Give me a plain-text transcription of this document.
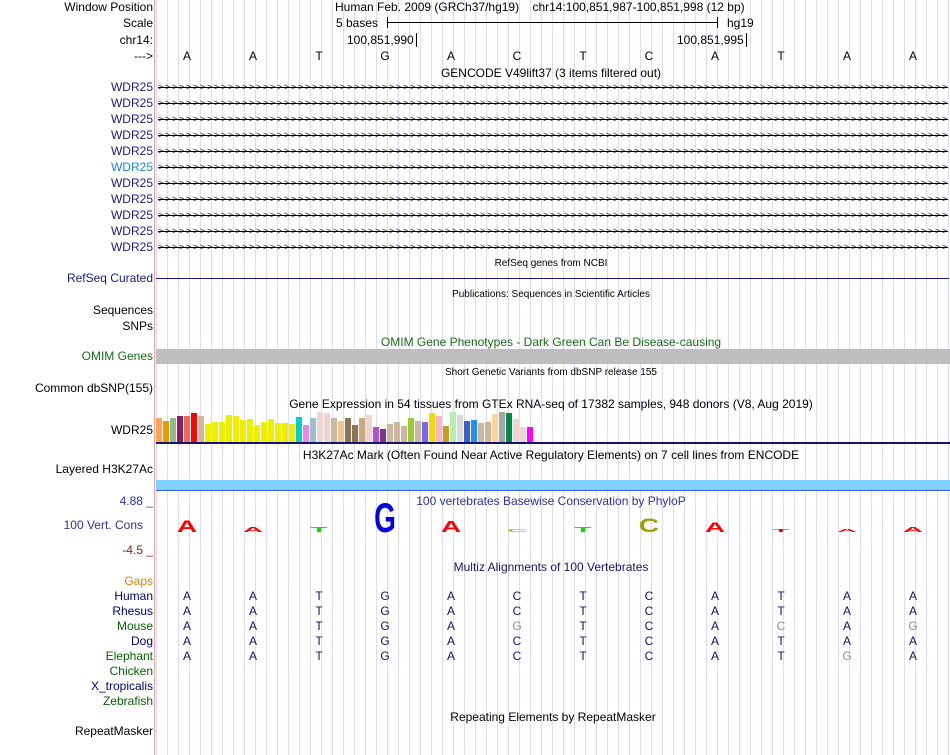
Window Position
Scale
chr14:
--->
Human Feb. 2009 (GRCh37/hg19) chr14:100,851,987-100,851,998 (12 bp)
5 bases	hg19
100,851,990	100,851,995
GENCODE V49lift37 (3 items filtered out)
RefSeq genes from NCBI
RefSeq Curated
Publications: Sequences in Scientific Articles
Sequences
SNPs
OMIM Gene Phenotypes - Dark Green Can Be Disease-causing
OMIM Genes
Short Genetic Variants from dbSNP release 155
Common dbSNP(155)
Gene Expression in 54 tissues from GTEx RNA-seq of 17382 samples, 948 donors (V8, Aug 2019)
WDR25
H3K27Ac Mark (Often Found Near Active Regulatory Elements) on 7 cell lines from ENCODE
Layered H3K27Ac
100 vertebrates Basewise Conservation by PhyloP
4.88 _
100 Vert. Cons
-4.5 _
A A T G A C T C A T A A
Multiz Alignments of 100 Vertebrates
Gaps
Repeating Elements by RepeatMasker
RepeatMasker
A	A	T	G	A	C	T	C	A	T	A	A
WDR25 > > > > > > > > > > > > > > > > > > > > > > > > > > > > > > > > > > > > > > > > > > > > > > > > > > > > > > > > > > > > > > > > > > > > > > > > > > > > > > > > > > > > > > > > > > > > > > > > > > > > > > > > > > > > > > > > >
WDR25 > > > > > > > > > > > > > > > > > > > > > > > > > > > > > > > > > > > > > > > > > > > > > > > > > > > > > > > > > > > > > > > > > > > > > > > > > > > > > > > > > > > > > > > > > > > > > > > > > > > > > > > > > > > > > > > > >
WDR25 > > > > > > > > > > > > > > > > > > > > > > > > > > > > > > > > > > > > > > > > > > > > > > > > > > > > > > > > > > > > > > > > > > > > > > > > > > > > > > > > > > > > > > > > > > > > > > > > > > > > > > > > > > > > > > > > >
WDR25 > > > > > > > > > > > > > > > > > > > > > > > > > > > > > > > > > > > > > > > > > > > > > > > > > > > > > > > > > > > > > > > > > > > > > > > > > > > > > > > > > > > > > > > > > > > > > > > > > > > > > > > > > > > > > > > > >
WDR25 > > > > > > > > > > > > > > > > > > > > > > > > > > > > > > > > > > > > > > > > > > > > > > > > > > > > > > > > > > > > > > > > > > > > > > > > > > > > > > > > > > > > > > > > > > > > > > > > > > > > > > > > > > > > > > > > >
WDR25 > > > > > > > > > > > > > > > > > > > > > > > > > > > > > > > > > > > > > > > > > > > > > > > > > > > > > > > > > > > > > > > > > > > > > > > > > > > > > > > > > > > > > > > > > > > > > > > > > > > > > > > > > > > > > > > > >
WDR25 > > > > > > > > > > > > > > > > > > > > > > > > > > > > > > > > > > > > > > > > > > > > > > > > > > > > > > > > > > > > > > > > > > > > > > > > > > > > > > > > > > > > > > > > > > > > > > > > > > > > > > > > > > > > > > > > >
WDR25 > > > > > > > > > > > > > > > > > > > > > > > > > > > > > > > > > > > > > > > > > > > > > > > > > > > > > > > > > > > > > > > > > > > > > > > > > > > > > > > > > > > > > > > > > > > > > > > > > > > > > > > > > > > > > > > > >
WDR25 > > > > > > > > > > > > > > > > > > > > > > > > > > > > > > > > > > > > > > > > > > > > > > > > > > > > > > > > > > > > > > > > > > > > > > > > > > > > > > > > > > > > > > > > > > > > > > > > > > > > > > > > > > > > > > > > >
WDR25 > > > > > > > > > > > > > > > > > > > > > > > > > > > > > > > > > > > > > > > > > > > > > > > > > > > > > > > > > > > > > > > > > > > > > > > > > > > > > > > > > > > > > > > > > > > > > > > > > > > > > > > > > > > > > > > > >
WDR25 > > > > > > > > > > > > > > > > > > > > > > > > > > > > > > > > > > > > > > > > > > > > > > > > > > > > > > > > > > > > > > > > > > > > > > > > > > > > > > > > > > > > > > > > > > > > > > > > > > > > > > > > > > > > > > > > >
Human	A	A	T	G	A	C	T	C	A	T	A	A
Rhesus	A	A	T	G	A	C	T	C	A	T	A	A
Mouse	A	A	T	G	A	G	T	C	A	C	A	G
Dog	A	A	T	G	A	C	T	C	A	T	A	A
Elephant	A	A	T	G	A	C	T	C	A	T	G	A
Chicken
X_tropicalis
Zebrafish
